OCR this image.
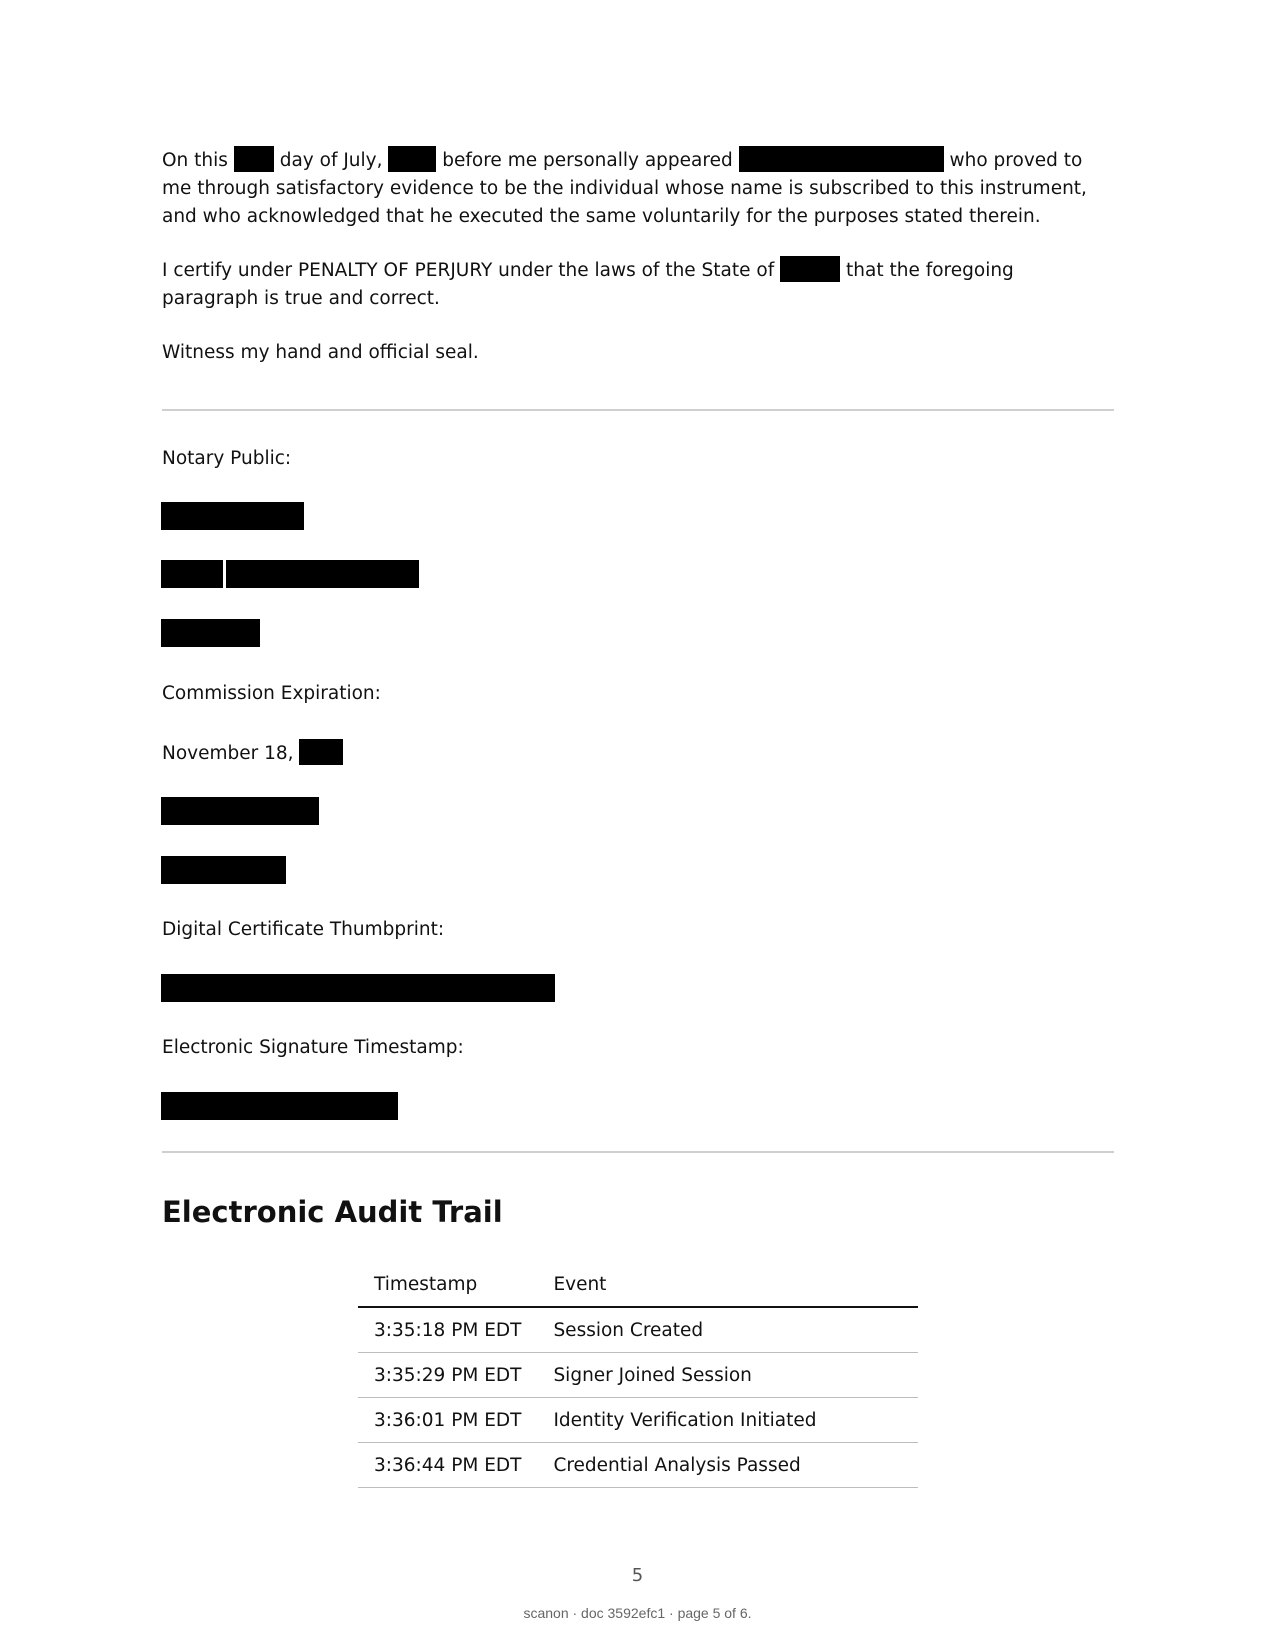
On this	day of July,	before me personally appeared	who proved to me through satisfactory evidence to be the individual whose name is subscribed to this instrument, and who acknowledged that he executed the same voluntarily for the purposes stated therein.

I certify under PENALTY OF PERJURY under the laws of the State of	that the foregoing paragraph is true and correct.

Witness my hand and official seal.

Notary Public:

Commission Expiration:

November 18,

Digital Certificate Thumbprint:

Electronic Signature Timestamp:

Electronic Audit Trail
Timestamp	Event
3:35:18 PM EDT	Session Created
3:35:29 PM EDT	Signer Joined Session
3:36:01 PM EDT	Identity Verification Initiated
3:36:44 PM EDT	Credential Analysis Passed
5
scanon · doc 3592efc1 · page 5 of 6.
